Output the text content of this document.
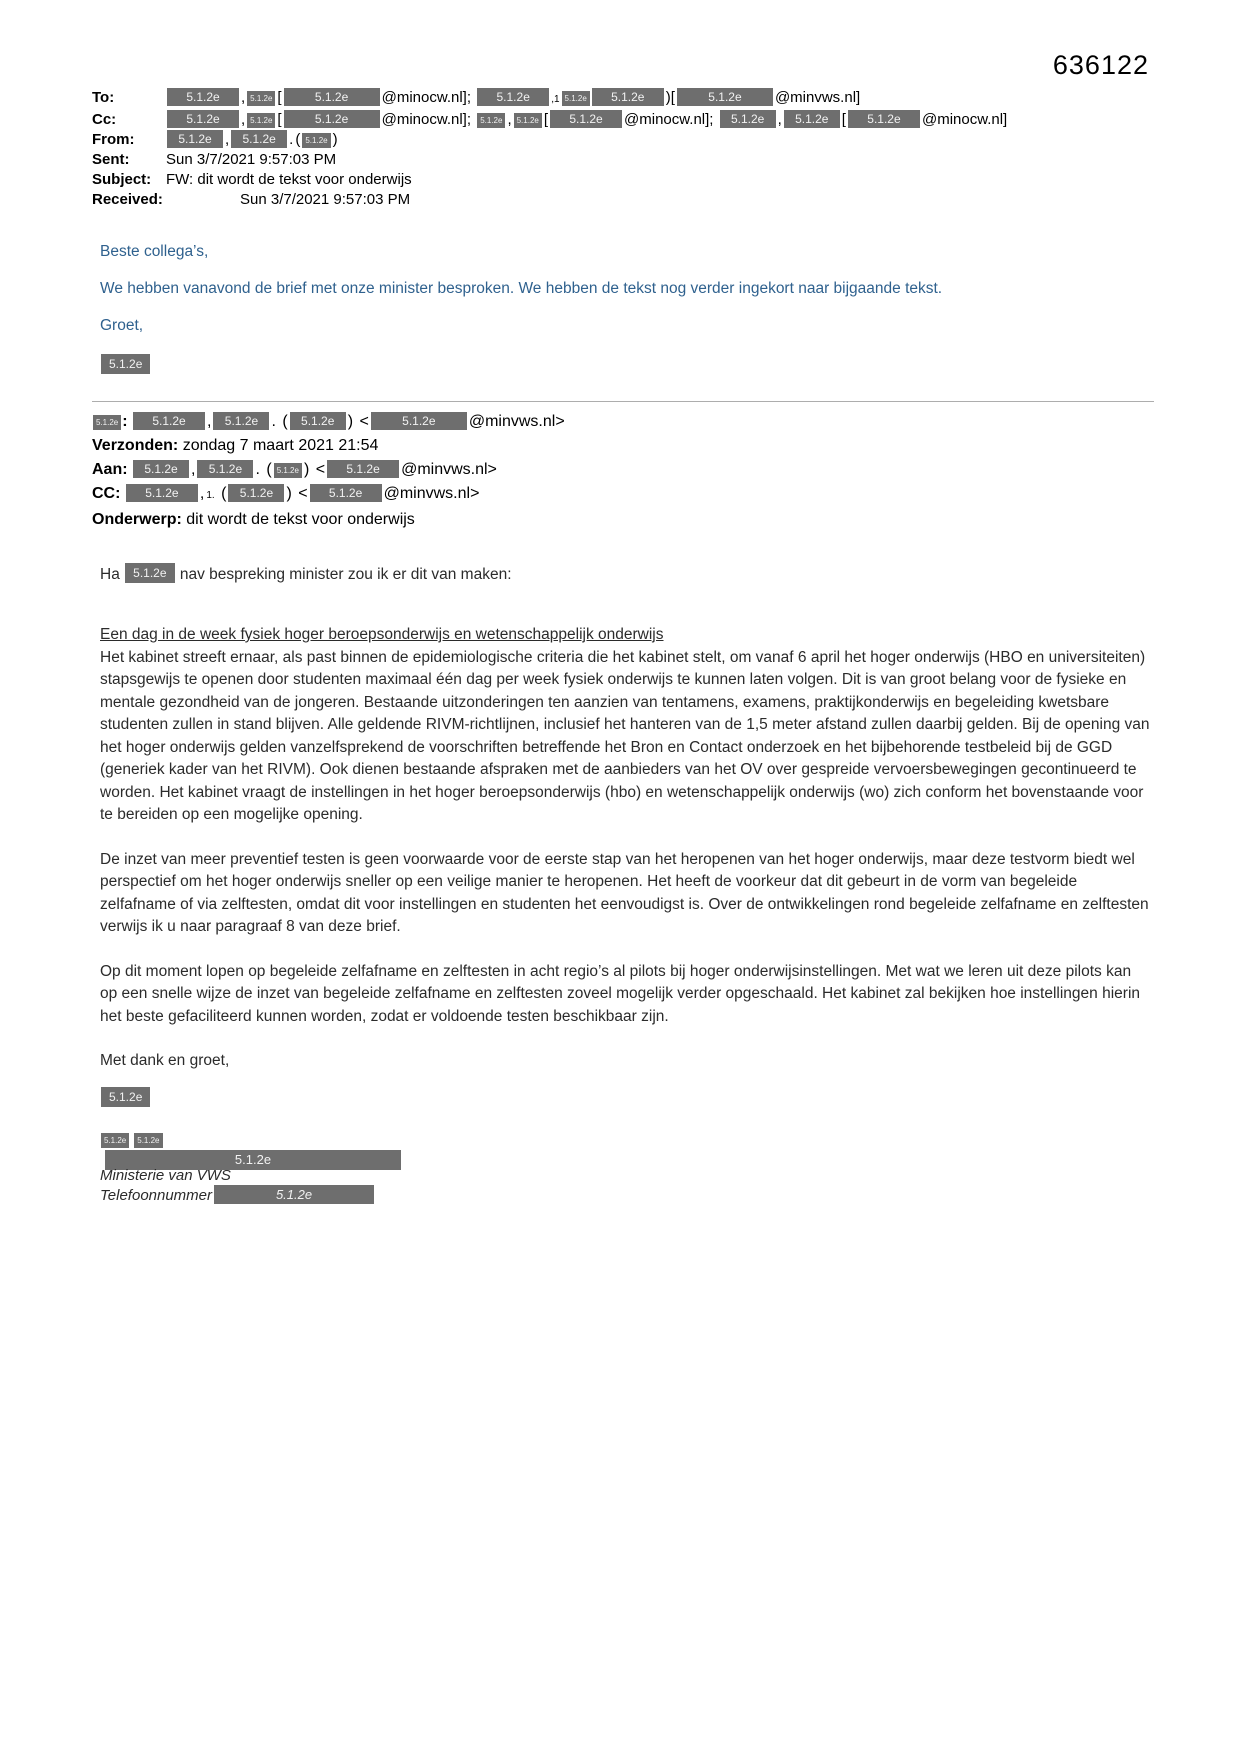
636122
To:	5.1.2e , 5.1.2e [	5.1.2e @minocw.nl]; 5.1.2e ,1 5.1.2e 5.1.2e )[	5.1.2e @minvws.nl]
Cc:	5.1.2e , 5.1.2e [	5.1.2e @minocw.nl]; 5.1.2e , 5.1.2e [ 5.1.2e @minocw.nl]; 5.1.2e , 5.1.2e [ 5.1.2e @minocw.nl]
From:	5.1.2e , 5.1.2e . ( 5.1.2e )
Sent:	Sun 3/7/2021 9:57:03 PM
Subject: FW: dit wordt de tekst voor onderwijs
Received:	Sun 3/7/2021 9:57:03 PM

Beste collega’s,

We hebben vanavond de brief met onze minister besproken. We hebben de tekst nog verder ingekort naar bijgaande tekst.

Groet,

5.1.2e
5.1.2e : 5.1.2e , 5.1.2e . ( 5.1.2e ) <	5.1.2e @minvws.nl>
Verzonden: zondag 7 maart 2021 21:54
Aan: 5.1.2e , 5.1.2e . ( 5.1.2e ) < 5.1.2e @minvws.nl>
CC: 5.1.2e , 1. ( 5.1.2e ) < 5.1.2e @minvws.nl>
Onderwerp: dit wordt de tekst voor onderwijs
Ha 5.1.2e nav bespreking minister zou ik er dit van maken:

Een dag in de week fysiek hoger beroepsonderwijs en wetenschappelijk onderwijs

Het kabinet streeft ernaar, als past binnen de epidemiologische criteria die het kabinet stelt, om vanaf 6 april het hoger onderwijs (HBO en universiteiten) stapsgewijs te openen door studenten maximaal één dag per week fysiek onderwijs te kunnen laten volgen. Dit is van groot belang voor de fysieke en mentale gezondheid van de jongeren. Bestaande uitzonderingen ten aanzien van tentamens, examens, praktijkonderwijs en begeleiding kwetsbare studenten zullen in stand blijven. Alle geldende RIVM-richtlijnen, inclusief het hanteren van de 1,5 meter afstand zullen daarbij gelden. Bij de opening van het hoger onderwijs gelden vanzelfsprekend de voorschriften betreffende het Bron en Contact onderzoek en het bijbehorende testbeleid bij de GGD (generiek kader van het RIVM). Ook dienen bestaande afspraken met de aanbieders van het OV over gespreide vervoersbewegingen gecontinueerd te worden. Het kabinet vraagt de instellingen in het hoger beroepsonderwijs (hbo) en wetenschappelijk onderwijs (wo) zich conform het bovenstaande voor te bereiden op een mogelijke opening.

De inzet van meer preventief testen is geen voorwaarde voor de eerste stap van het heropenen van het hoger onderwijs, maar deze testvorm biedt wel perspectief om het hoger onderwijs sneller op een veilige manier te heropenen. Het heeft de voorkeur dat dit gebeurt in de vorm van begeleide zelfafname of via zelftesten, omdat dit voor instellingen en studenten het eenvoudigst is. Over de ontwikkelingen rond begeleide zelfafname en zelftesten verwijs ik u naar paragraaf 8 van deze brief.

Op dit moment lopen op begeleide zelfafname en zelftesten in acht regio’s al pilots bij hoger onderwijsinstellingen. Met wat we leren uit deze pilots kan op een snelle wijze de inzet van begeleide zelfafname en zelftesten zoveel mogelijk verder opgeschaald. Het kabinet zal bekijken hoe instellingen hierin het beste gefaciliteerd kunnen worden, zodat er voldoende testen beschikbaar zijn.

Met dank en groet,

5.1.2e
5.1.2e 5.1.2e
5.1.2e
Ministerie van VWS
Telefoonnummer	5.1.2e
